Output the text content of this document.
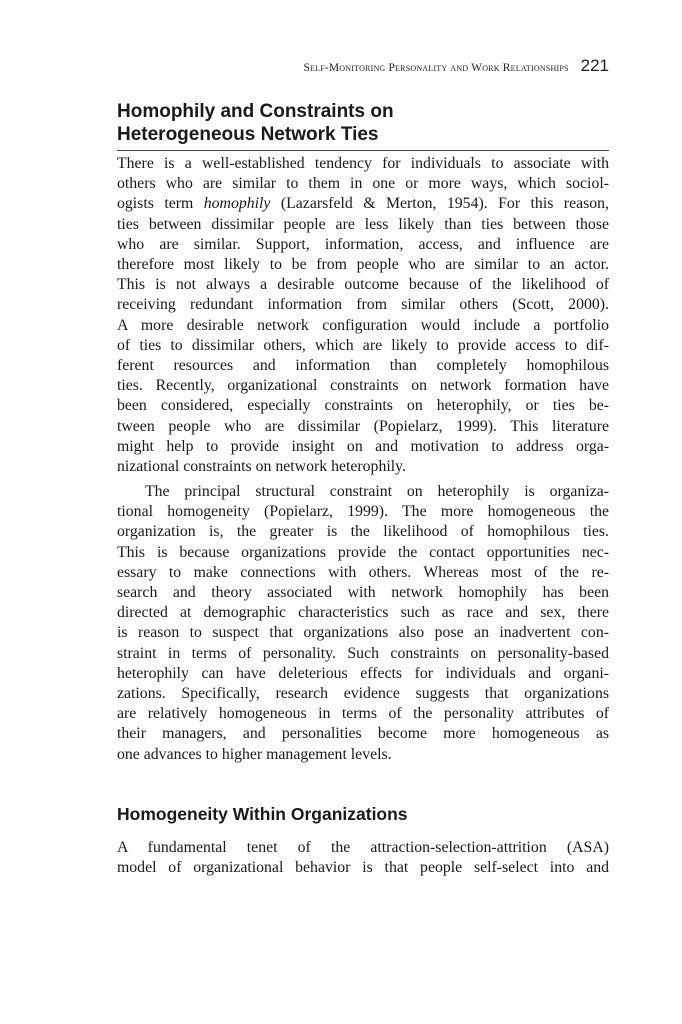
Self-Monitoring Personality and Work Relationships 221
Homophily and Constraints on
Heterogeneous Network Ties
There is a well-established tendency for individuals to associate with
others who are similar to them in one or more ways, which sociol-
ogists term homophily (Lazarsfeld & Merton, 1954). For this reason,
ties between dissimilar people are less likely than ties between those
who are similar. Support, information, access, and influence are
therefore most likely to be from people who are similar to an actor.
This is not always a desirable outcome because of the likelihood of
receiving redundant information from similar others (Scott, 2000).
A more desirable network configuration would include a portfolio
of ties to dissimilar others, which are likely to provide access to dif-
ferent resources and information than completely homophilous
ties. Recently, organizational constraints on network formation have
been considered, especially constraints on heterophily, or ties be-
tween people who are dissimilar (Popielarz, 1999). This literature
might help to provide insight on and motivation to address orga-
nizational constraints on network heterophily.
The principal structural constraint on heterophily is organiza-
tional homogeneity (Popielarz, 1999). The more homogeneous the
organization is, the greater is the likelihood of homophilous ties.
This is because organizations provide the contact opportunities nec-
essary to make connections with others. Whereas most of the re-
search and theory associated with network homophily has been
directed at demographic characteristics such as race and sex, there
is reason to suspect that organizations also pose an inadvertent con-
straint in terms of personality. Such constraints on personality-based
heterophily can have deleterious effects for individuals and organi-
zations. Specifically, research evidence suggests that organizations
are relatively homogeneous in terms of the personality attributes of
their managers, and personalities become more homogeneous as
one advances to higher management levels.
Homogeneity Within Organizations
A fundamental tenet of the attraction-selection-attrition (ASA)
model of organizational behavior is that people self-select into and
